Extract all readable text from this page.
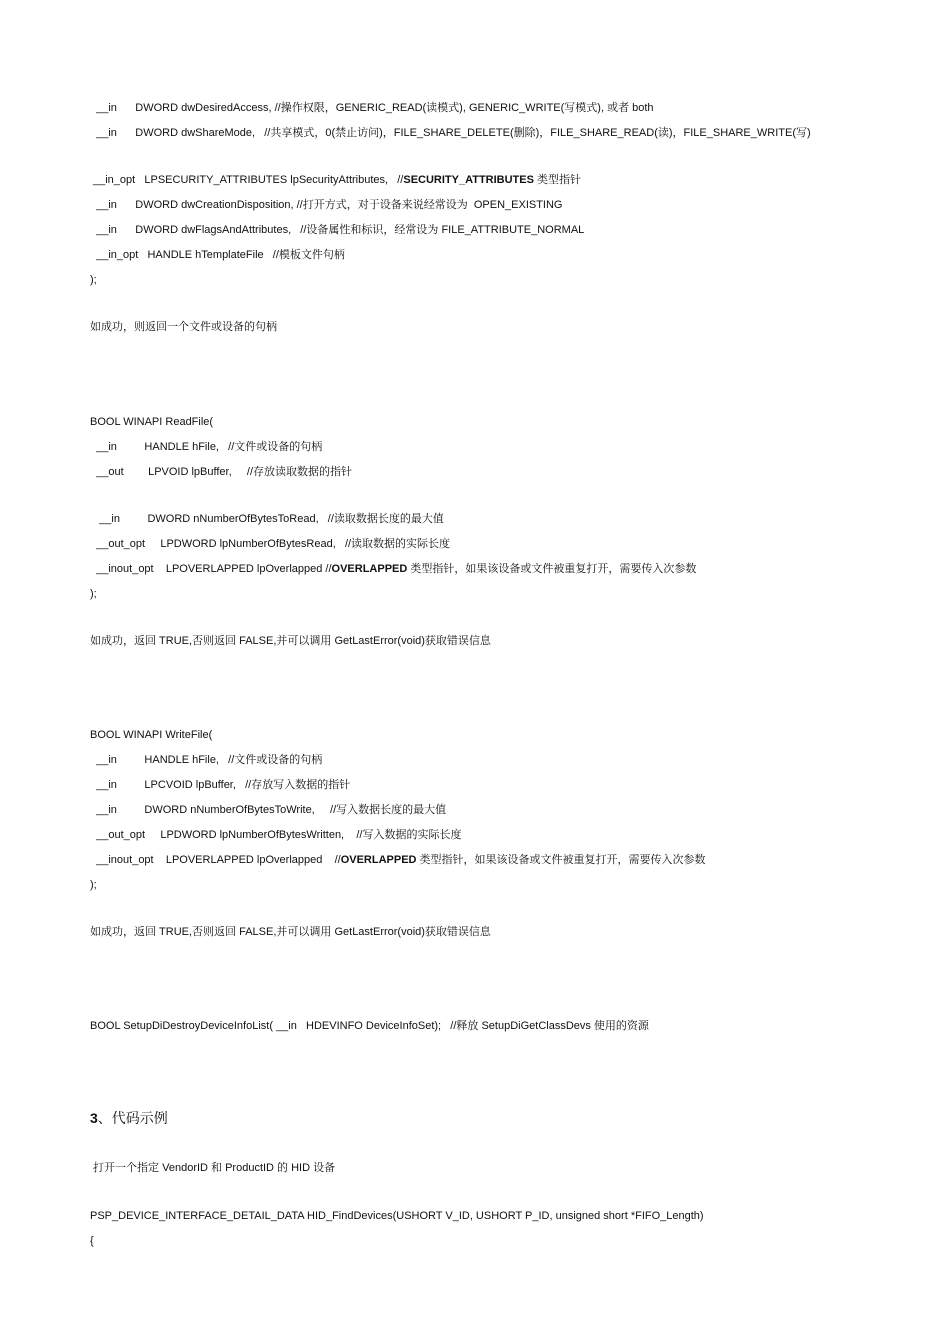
__in      DWORD dwDesiredAccess, //操作权限，GENERIC_READ(读模式), GENERIC_WRITE(写模式), 或者 both
__in      DWORD dwShareMode,   //共享模式，0(禁止访问)，FILE_SHARE_DELETE(删除)，FILE_SHARE_READ(读)，FILE_SHARE_WRITE(写)
__in_opt   LPSECURITY_ATTRIBUTES lpSecurityAttributes,   //SECURITY_ATTRIBUTES 类型指针
__in      DWORD dwCreationDisposition, //打开方式，对于设备来说经常设为  OPEN_EXISTING
__in      DWORD dwFlagsAndAttributes,   //设备属性和标识，经常设为 FILE_ATTRIBUTE_NORMAL
__in_opt   HANDLE hTemplateFile   //模板文件句柄
);
如成功，则返回一个文件或设备的句柄
BOOL WINAPI ReadFile(
__in         HANDLE hFile,   //文件或设备的句柄
__out        LPVOID lpBuffer,     //存放读取数据的指针
__in         DWORD nNumberOfBytesToRead,   //读取数据长度的最大值
__out_opt     LPDWORD lpNumberOfBytesRead,   //读取数据的实际长度
__inout_opt    LPOVERLAPPED lpOverlapped //OVERLAPPED 类型指针，如果该设备或文件被重复打开，需要传入次参数
);
如成功，返回 TRUE,否则返回 FALSE,并可以调用 GetLastError(void)获取错误信息
BOOL WINAPI WriteFile(
__in         HANDLE hFile,   //文件或设备的句柄
__in         LPCVOID lpBuffer,   //存放写入数据的指针
__in         DWORD nNumberOfBytesToWrite,     //写入数据长度的最大值
__out_opt     LPDWORD lpNumberOfBytesWritten,    //写入数据的实际长度
__inout_opt    LPOVERLAPPED lpOverlapped    //OVERLAPPED 类型指针，如果该设备或文件被重复打开，需要传入次参数
);
如成功，返回 TRUE,否则返回 FALSE,并可以调用 GetLastError(void)获取错误信息
BOOL SetupDiDestroyDeviceInfoList( __in   HDEVINFO DeviceInfoSet);   //释放 SetupDiGetClassDevs 使用的资源
3、代码示例
打开一个指定 VendorID 和 ProductID 的 HID 设备
PSP_DEVICE_INTERFACE_DETAIL_DATA HID_FindDevices(USHORT V_ID, USHORT P_ID, unsigned short *FIFO_Length)
{
